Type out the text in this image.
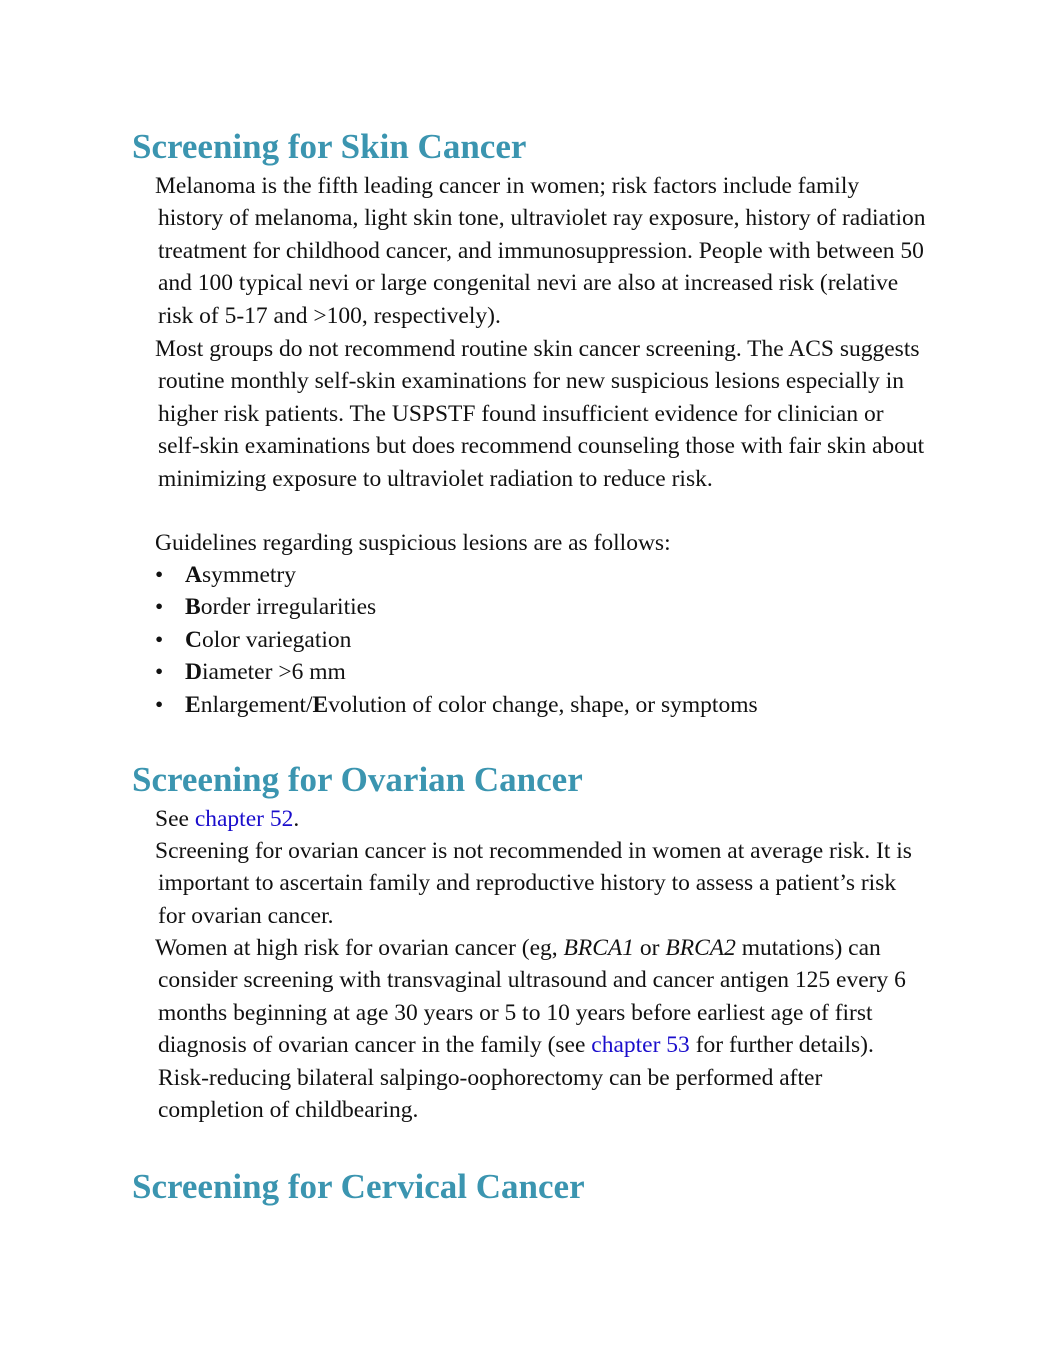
Screening for Skin Cancer

Melanoma is the fifth leading cancer in women; risk factors include family history of melanoma, light skin tone, ultraviolet ray exposure, history of radiation treatment for childhood cancer, and immunosuppression. People with between 50 and 100 typical nevi or large congenital nevi are also at increased risk (relative risk of 5-17 and >100, respectively).

Most groups do not recommend routine skin cancer screening. The ACS suggests routine monthly self-skin examinations for new suspicious lesions especially in higher risk patients. The USPSTF found insufficient evidence for clinician or self-skin examinations but does recommend counseling those with fair skin about minimizing exposure to ultraviolet radiation to reduce risk.

Guidelines regarding suspicious lesions are as follows:

• Asymmetry
• Border irregularities
• Color variegation
• Diameter >6 mm
• Enlargement/Evolution of color change, shape, or symptoms
Screening for Ovarian Cancer

See chapter 52.

Screening for ovarian cancer is not recommended in women at average risk. It is important to ascertain family and reproductive history to assess a patient’s risk for ovarian cancer.

Women at high risk for ovarian cancer (eg, BRCA1 or BRCA2 mutations) can consider screening with transvaginal ultrasound and cancer antigen 125 every 6 months beginning at age 30 years or 5 to 10 years before earliest age of first diagnosis of ovarian cancer in the family (see chapter 53 for further details). Risk-reducing bilateral salpingo-oophorectomy can be performed after completion of childbearing.

Screening for Cervical Cancer
